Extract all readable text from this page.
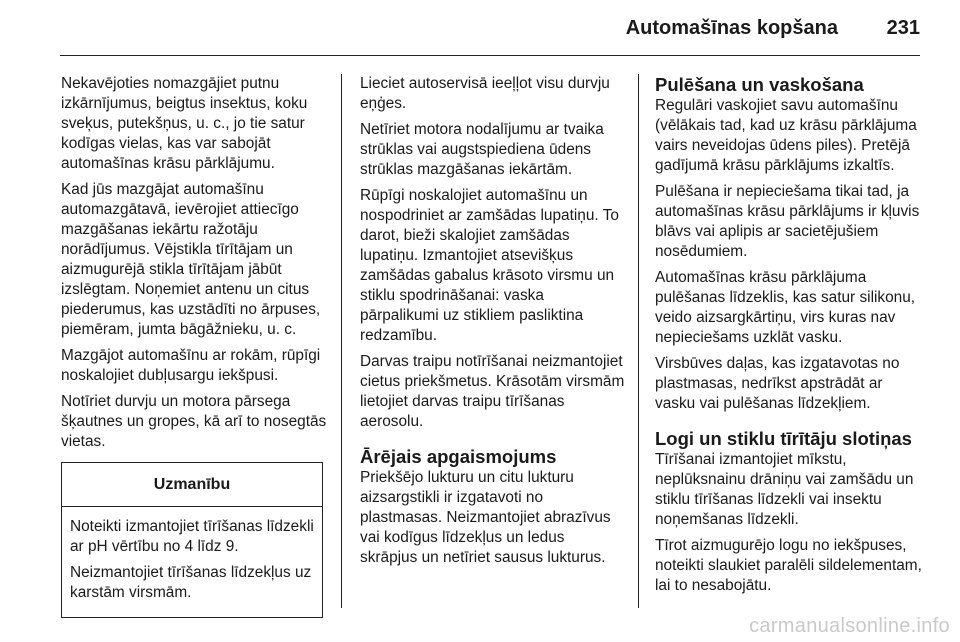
Automašīnas kopšana 231

Nekavējoties nomazgājiet putnu izkārnījumus, beigtus insektus, koku sveķus, putekšņus, u. c., jo tie satur kodīgas vielas, kas var sabojāt automašīnas krāsu pārklājumu.

Kad jūs mazgājat automašīnu automazgātavā, ievērojiet attiecīgo mazgāšanas iekārtu ražotāju norādījumus. Vējstikla tīrītājam un aizmugurējā stikla tīrītājam jābūt izslēgtam. Noņemiet antenu un citus piederumus, kas uzstādīti no ārpuses, piemēram, jumta bāgāžnieku, u. c.

Mazgājot automašīnu ar rokām, rūpīgi noskalojiet dubļusargu iekšpusi.

Notīriet durvju un motora pārsega šķautnes un gropes, kā arī to nosegtās vietas.

Uzmanību

Noteikti izmantojiet tīrīšanas līdzekli ar pH vērtību no 4 līdz 9.

Neizmantojiet tīrīšanas līdzekļus uz karstām virsmām.

Lieciet autoservisā ieeļļot visu durvju eņģes.

Netīriet motora nodalījumu ar tvaika strūklas vai augstspiediena ūdens strūklas mazgāšanas iekārtām.

Rūpīgi noskalojiet automašīnu un nospodriniet ar zamšādas lupatiņu. To darot, bieži skalojiet zamšādas lupatiņu. Izmantojiet atsevišķus zamšādas gabalus krāsoto virsmu un stiklu spodrināšanai: vaska pārpalikumi uz stikliem pasliktina redzamību.

Darvas traipu notīrīšanai neizmantojiet cietus priekšmetus. Krāsotām virsmām lietojiet darvas traipu tīrīšanas aerosolu.

Ārējais apgaismojums

Priekšējo lukturu un citu lukturu aizsargstikli ir izgatavoti no plastmasas. Neizmantojiet abrazīvus vai kodīgus līdzekļus un ledus skrāpjus un netīriet sausus lukturus.

Pulēšana un vaskošana

Regulāri vaskojiet savu automašīnu (vēlākais tad, kad uz krāsu pārklājuma vairs neveidojas ūdens piles). Pretējā gadījumā krāsu pārklājums izkaltīs.

Pulēšana ir nepieciešama tikai tad, ja automašīnas krāsu pārklājums ir kļuvis blāvs vai aplipis ar sacietējušiem nosēdumiem.

Automašīnas krāsu pārklājuma pulēšanas līdzeklis, kas satur silikonu, veido aizsargkārtiņu, virs kuras nav nepieciešams uzklāt vasku.

Virsbūves daļas, kas izgatavotas no plastmasas, nedrīkst apstrādāt ar vasku vai pulēšanas līdzekļiem.

Logi un stiklu tīrītāju slotiņas

Tīrīšanai izmantojiet mīkstu, neplūksnainu drāniņu vai zamšādu un stiklu tīrīšanas līdzekli vai insektu noņemšanas līdzekli.

Tīrot aizmugurējo logu no iekšpuses, noteikti slaukiet paralēli sildelementam, lai to nesabojātu.

carmanualsonline.info
